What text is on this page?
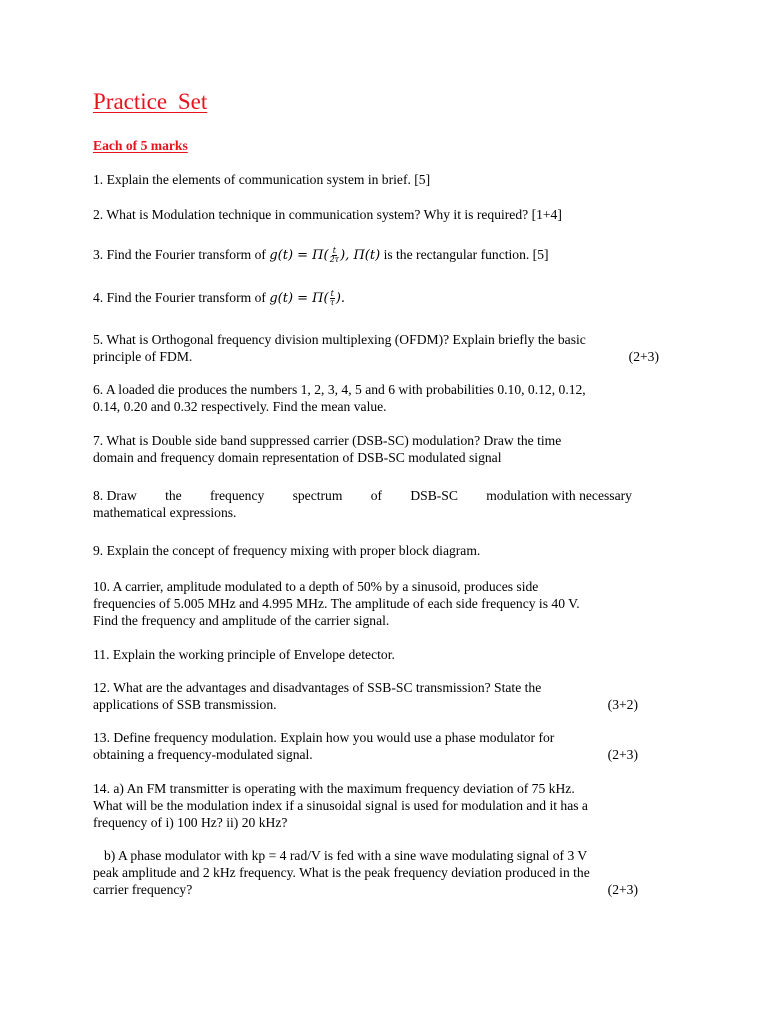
Practice Set
Each of 5 marks

1. Explain the elements of communication system in brief. [5]

2. What is Modulation technique in communication system? Why it is required? [1+4]

3. Find the Fourier transform of $g(t) = \Pi( \frac{t}{2\tau}$ ), Π(t) is the rectangular function. [5]

4. Find the Fourier transform of $g(t) = \Pi( \frac{t}{\tau}$ ).

5. What is Orthogonal frequency division multiplexing (OFDM)? Explain briefly the basic
principle of FDM.	(2+3)

6. A loaded die produces the numbers 1, 2, 3, 4, 5 and 6 with probabilities 0.10, 0.12, 0.12,
0.14, 0.20 and 0.32 respectively. Find the mean value.

7. What is Double side band suppressed carrier (DSB-SC) modulation? Draw the time
domain and frequency domain representation of DSB-SC modulated signal

8. Draw the frequency spectrum of DSB-SC modulation with necessary
mathematical expressions.

9. Explain the concept of frequency mixing with proper block diagram.

10. A carrier, amplitude modulated to a depth of 50% by a sinusoid, produces side
frequencies of 5.005 MHz and 4.995 MHz. The amplitude of each side frequency is 40 V.
Find the frequency and amplitude of the carrier signal.

11. Explain the working principle of Envelope detector.

12. What are the advantages and disadvantages of SSB-SC transmission? State the
applications of SSB transmission.	(3+2)

13. Define frequency modulation. Explain how you would use a phase modulator for
obtaining a frequency-modulated signal.	(2+3)

14. a) An FM transmitter is operating with the maximum frequency deviation of 75 kHz.
What will be the modulation index if a sinusoidal signal is used for modulation and it has a
frequency of i) 100 Hz? ii) 20 kHz?

b) A phase modulator with kp = 4 rad/V is fed with a sine wave modulating signal of 3 V
peak amplitude and 2 kHz frequency. What is the peak frequency deviation produced in the
carrier frequency?	(2+3)
